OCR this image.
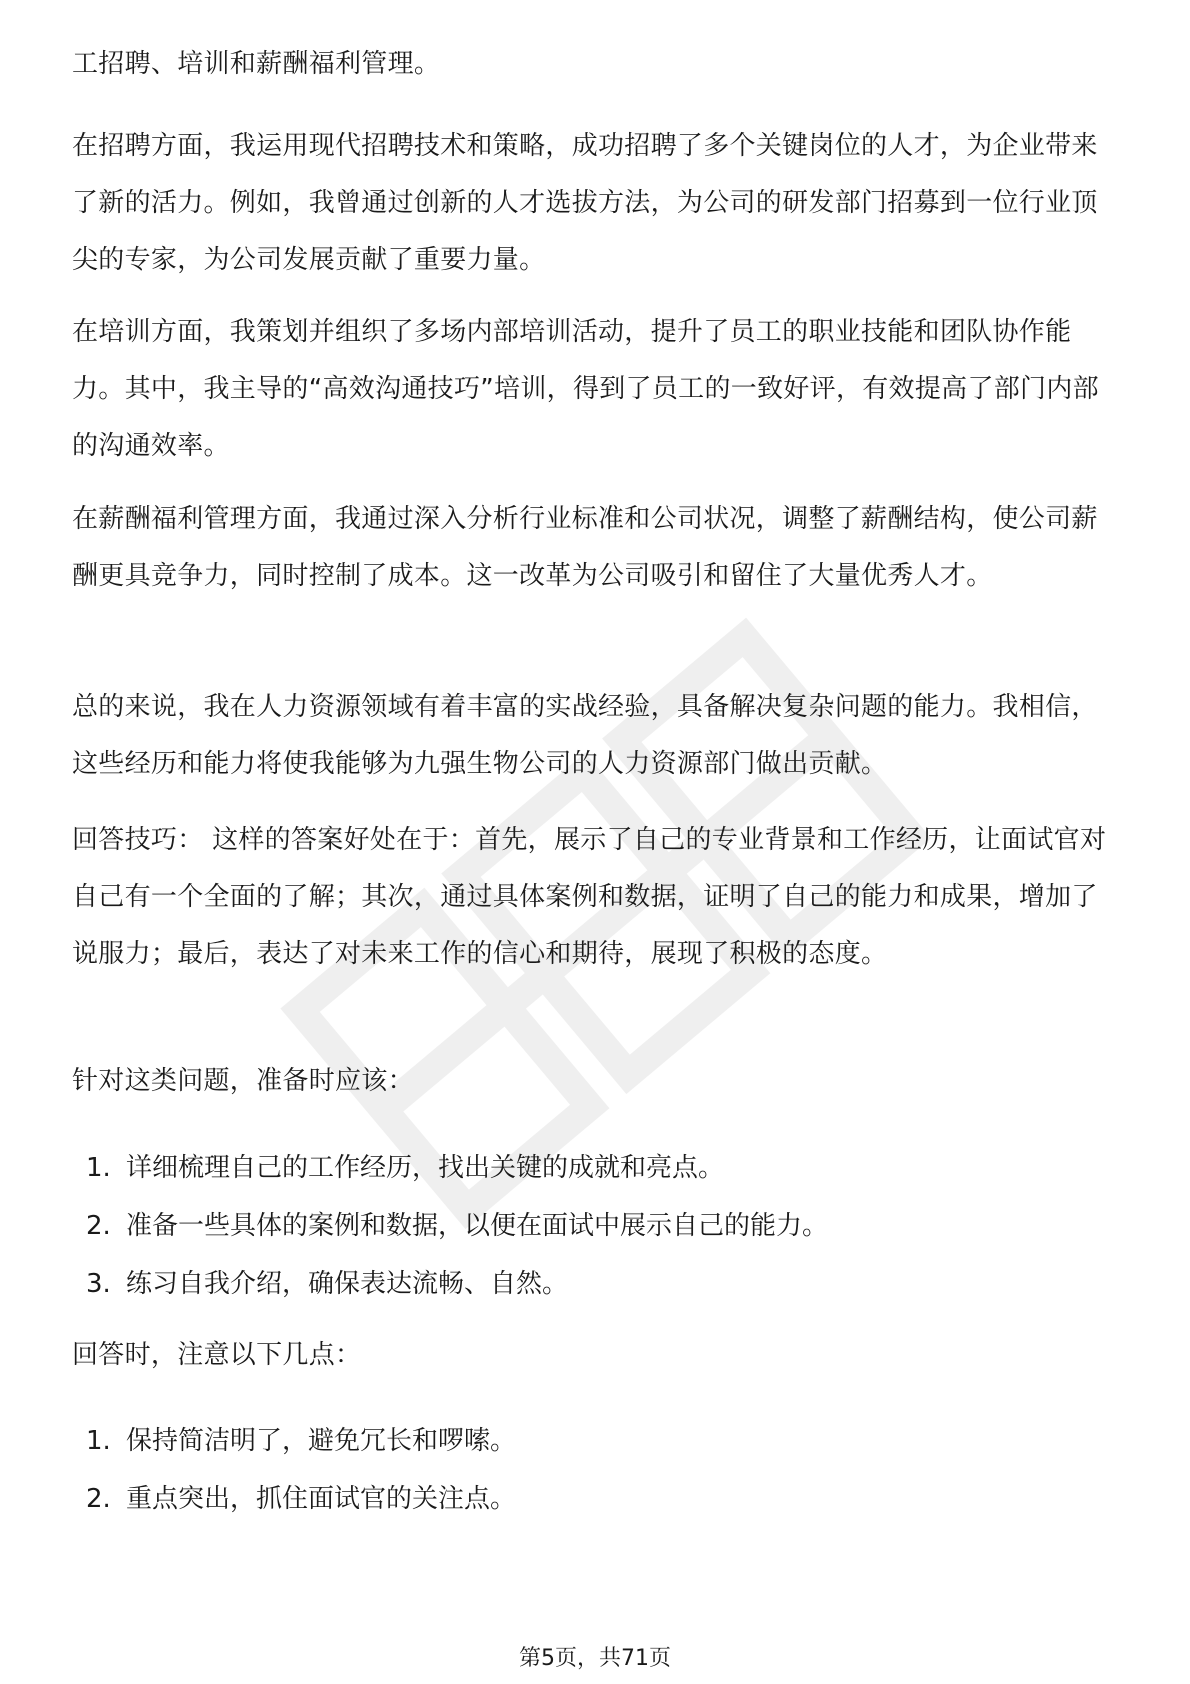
工招聘、培训和薪酬福利管理。

在招聘方面，我运用现代招聘技术和策略，成功招聘了多个关键岗位的人才，为企业带来了新的活力。例如，我曾通过创新的人才选拔方法，为公司的研发部门招募到一位行业顶尖的专家，为公司发展贡献了重要力量。

在培训方面，我策划并组织了多场内部培训活动，提升了员工的职业技能和团队协作能力。其中，我主导的“高效沟通技巧”培训，得到了员工的一致好评，有效提高了部门内部的沟通效率。

在薪酬福利管理方面，我通过深入分析行业标准和公司状况，调整了薪酬结构，使公司薪酬更具竞争力，同时控制了成本。这一改革为公司吸引和留住了大量优秀人才。

总的来说，我在人力资源领域有着丰富的实战经验，具备解决复杂问题的能力。我相信，这些经历和能力将使我能够为九强生物公司的人力资源部门做出贡献。

回答技巧： 这样的答案好处在于：首先，展示了自己的专业背景和工作经历，让面试官对自己有一个全面的了解；其次，通过具体案例和数据，证明了自己的能力和成果，增加了说服力；最后，表达了对未来工作的信心和期待，展现了积极的态度。

针对这类问题，准备时应该：

1. 详细梳理自己的工作经历，找出关键的成就和亮点。
2. 准备一些具体的案例和数据，以便在面试中展示自己的能力。
3. 练习自我介绍，确保表达流畅、自然。

回答时，注意以下几点：

1. 保持简洁明了，避免冗长和啰嗦。
2. 重点突出，抓住面试官的关注点。
第5页，共71页
